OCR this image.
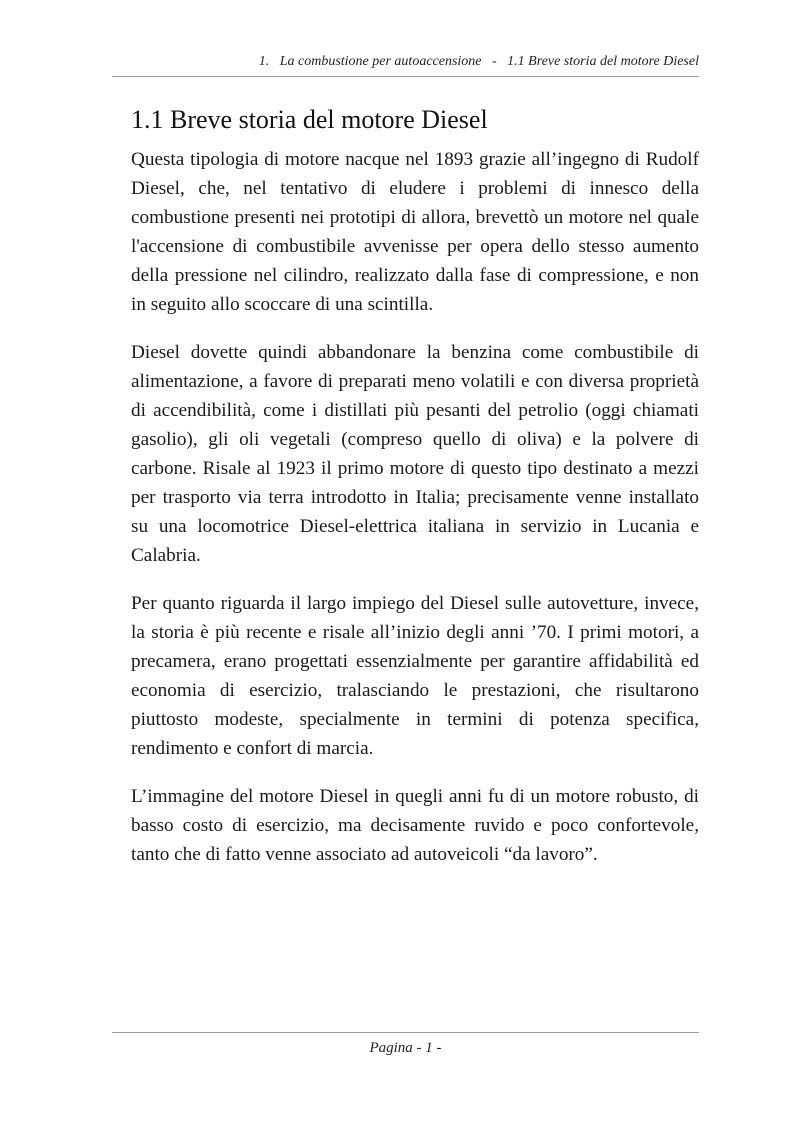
1.   La combustione per autoaccensione   -   1.1 Breve storia del motore Diesel
1.1 Breve storia del motore Diesel

Questa tipologia di motore nacque nel 1893 grazie all’ingegno di Rudolf Diesel, che, nel tentativo di eludere i problemi di innesco della combustione presenti nei prototipi di allora, brevettò un motore nel quale l'accensione di combustibile avvenisse per opera dello stesso aumento della pressione nel cilindro, realizzato dalla fase di compressione, e non in seguito allo scoccare di una scintilla.

Diesel dovette quindi abbandonare la benzina come combustibile di alimentazione, a favore di preparati meno volatili e con diversa proprietà di accendibilità, come i distillati più pesanti del petrolio (oggi chiamati gasolio), gli oli vegetali (compreso quello di oliva) e la polvere di carbone. Risale al 1923 il primo motore di questo tipo destinato a mezzi per trasporto via terra introdotto in Italia; precisamente venne installato su una locomotrice Diesel-elettrica italiana in servizio in Lucania e Calabria.

Per quanto riguarda il largo impiego del Diesel sulle autovetture, invece, la storia è più recente e risale all’inizio degli anni ’70. I primi motori, a precamera, erano progettati essenzialmente per garantire affidabilità ed economia di esercizio, tralasciando le prestazioni, che risultarono piuttosto modeste, specialmente in termini di potenza specifica, rendimento e confort di marcia.

L’immagine del motore Diesel in quegli anni fu di un motore robusto, di basso costo di esercizio, ma decisamente ruvido e poco confortevole, tanto che di fatto venne associato ad autoveicoli “da lavoro”.

Pagina - 1 -
